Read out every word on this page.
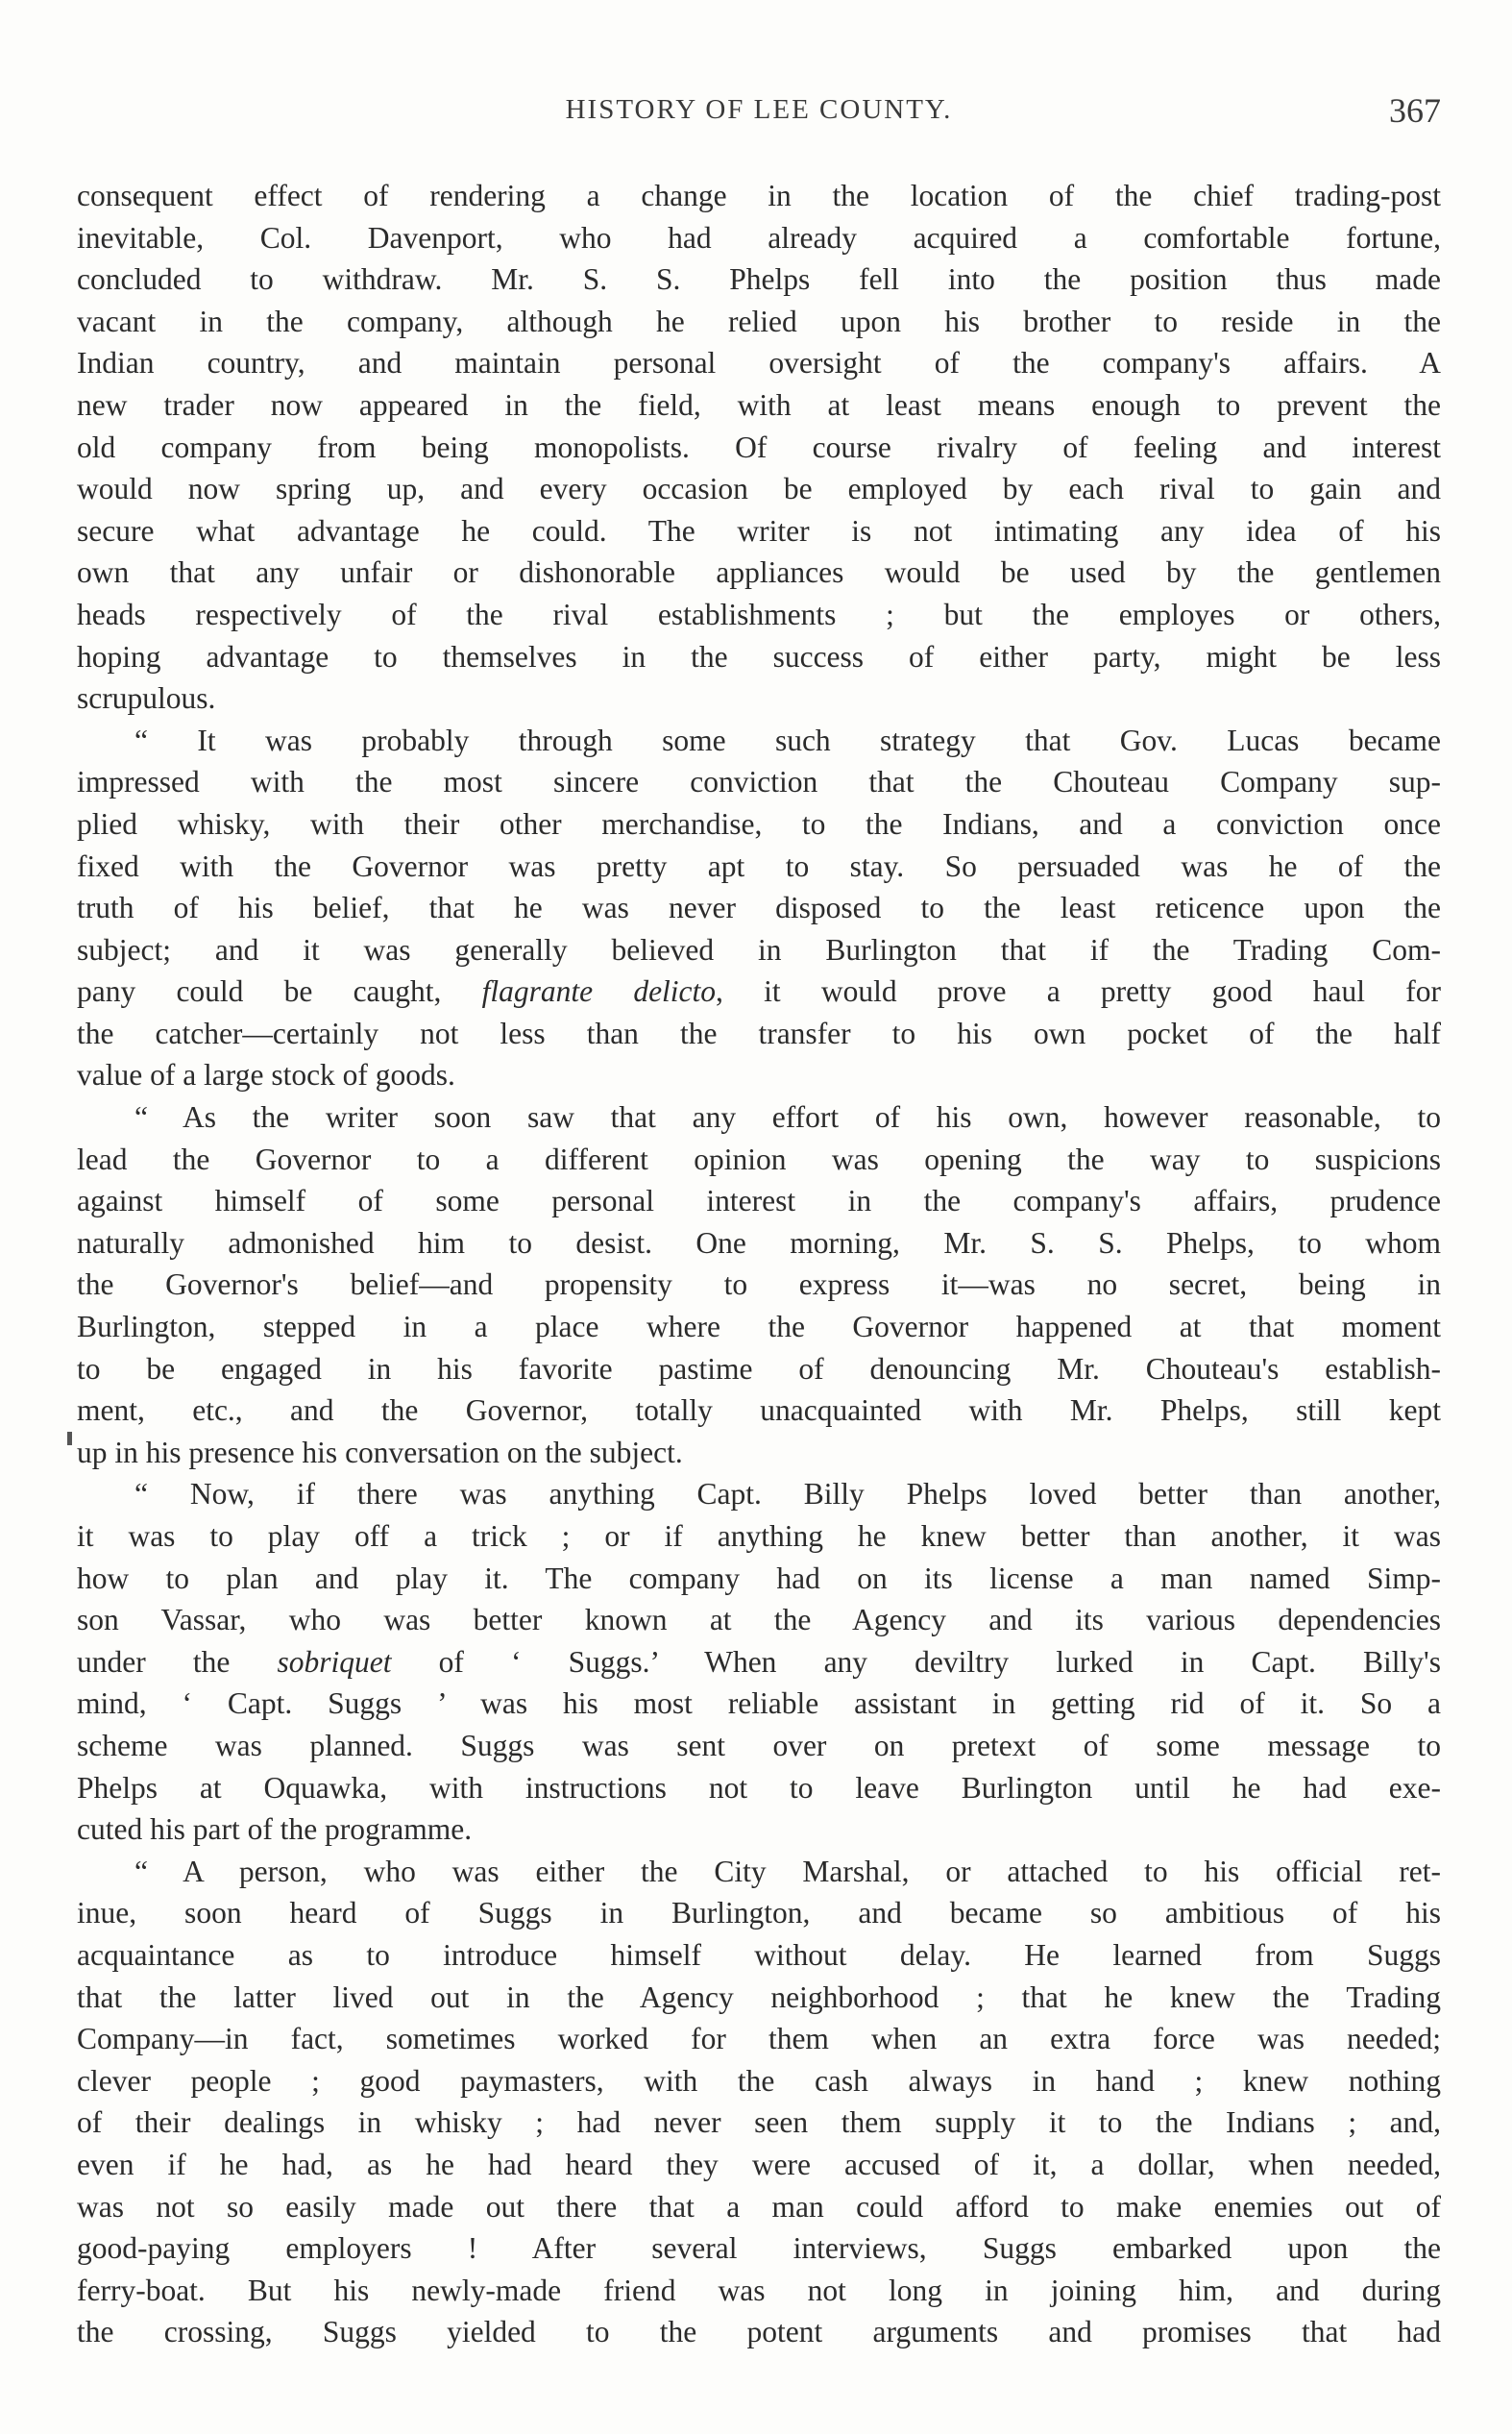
HISTORY OF LEE COUNTY.	367
consequent effect of rendering a change in the location of the chief trading-post
inevitable, Col. Davenport, who had already acquired a comfortable fortune,
concluded to withdraw. Mr. S. S. Phelps fell into the position thus made
vacant in the company, although he relied upon his brother to reside in the
Indian country, and maintain personal oversight of the company's affairs. A
new trader now appeared in the field, with at least means enough to prevent the
old company from being monopolists. Of course rivalry of feeling and interest
would now spring up, and every occasion be employed by each rival to gain and
secure what advantage he could. The writer is not intimating any idea of his
own that any unfair or dishonorable appliances would be used by the gentlemen
heads respectively of the rival establishments ; but the employes or others,
hoping advantage to themselves in the success of either party, might be less
scrupulous.
“ It was probably through some such strategy that Gov. Lucas became
impressed with the most sincere conviction that the Chouteau Company sup-
plied whisky, with their other merchandise, to the Indians, and a conviction once
fixed with the Governor was pretty apt to stay. So persuaded was he of the
truth of his belief, that he was never disposed to the least reticence upon the
subject; and it was generally believed in Burlington that if the Trading Com-
pany could be caught, flagrante delicto, it would prove a pretty good haul for
the catcher—certainly not less than the transfer to his own pocket of the half
value of a large stock of goods.
“ As the writer soon saw that any effort of his own, however reasonable, to
lead the Governor to a different opinion was opening the way to suspicions
against himself of some personal interest in the company's affairs, prudence
naturally admonished him to desist. One morning, Mr. S. S. Phelps, to whom
the Governor's belief—and propensity to express it—was no secret, being in
Burlington, stepped in a place where the Governor happened at that moment
to be engaged in his favorite pastime of denouncing Mr. Chouteau's establish-
ment, etc., and the Governor, totally unacquainted with Mr. Phelps, still kept
up in his presence his conversation on the subject.
“ Now, if there was anything Capt. Billy Phelps loved better than another,
it was to play off a trick ; or if anything he knew better than another, it was
how to plan and play it. The company had on its license a man named Simp-
son Vassar, who was better known at the Agency and its various dependencies
under the sobriquet of ‘ Suggs.’ When any deviltry lurked in Capt. Billy's
mind, ‘ Capt. Suggs ’ was his most reliable assistant in getting rid of it. So a
scheme was planned. Suggs was sent over on pretext of some message to
Phelps at Oquawka, with instructions not to leave Burlington until he had exe-
cuted his part of the programme.
“ A person, who was either the City Marshal, or attached to his official ret-
inue, soon heard of Suggs in Burlington, and became so ambitious of his
acquaintance as to introduce himself without delay. He learned from Suggs
that the latter lived out in the Agency neighborhood ; that he knew the Trading
Company—in fact, sometimes worked for them when an extra force was needed;
clever people ; good paymasters, with the cash always in hand ; knew nothing
of their dealings in whisky ; had never seen them supply it to the Indians ; and,
even if he had, as he had heard they were accused of it, a dollar, when needed,
was not so easily made out there that a man could afford to make enemies out of
good-paying employers ! After several interviews, Suggs embarked upon the
ferry-boat. But his newly-made friend was not long in joining him, and during
the crossing, Suggs yielded to the potent arguments and promises that had
